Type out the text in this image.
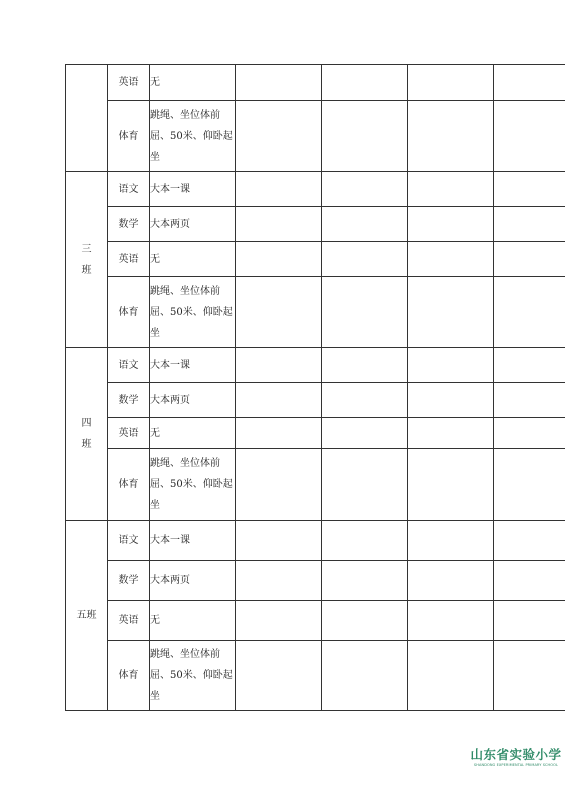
	英语	无				
	体育	跳绳、坐位体前屈、50米、仰卧起坐				
三班	语文	大本一课				
	数学	大本两页				
	英语	无				
	体育	跳绳、坐位体前屈、50米、仰卧起坐				
四班	语文	大本一课				
	数学	大本两页				
	英语	无				
	体育	跳绳、坐位体前屈、50米、仰卧起坐				
五班	语文	大本一课				
	数学	大本两页				
	英语	无				
	体育	跳绳、坐位体前屈、50米、仰卧起坐				
山东省实验小学
SHANDONG EXPERIMENTAL PRIMARY SCHOOL
